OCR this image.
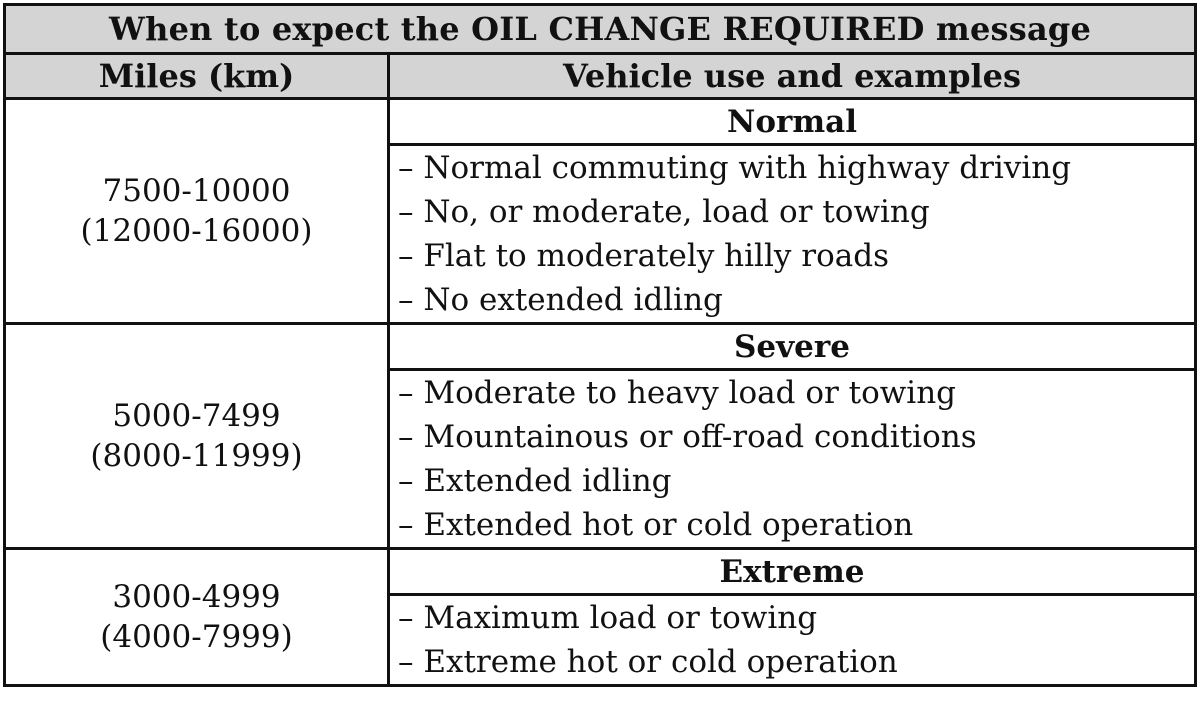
When to expect the OIL CHANGE REQUIRED message	
Miles (km)	Vehicle use and examples

7500-10000
(12000-16000)	Normal

	– Normal commuting with highway driving
– No, or moderate, load or towing
– Flat to moderately hilly roads
– No extended idling

5000-7499
(8000-11999)	Severe

	– Moderate to heavy load or towing
– Mountainous or off-road conditions
– Extended idling
– Extended hot or cold operation

3000-4999
(4000-7999)	Extreme

	– Maximum load or towing
– Extreme hot or cold operation
